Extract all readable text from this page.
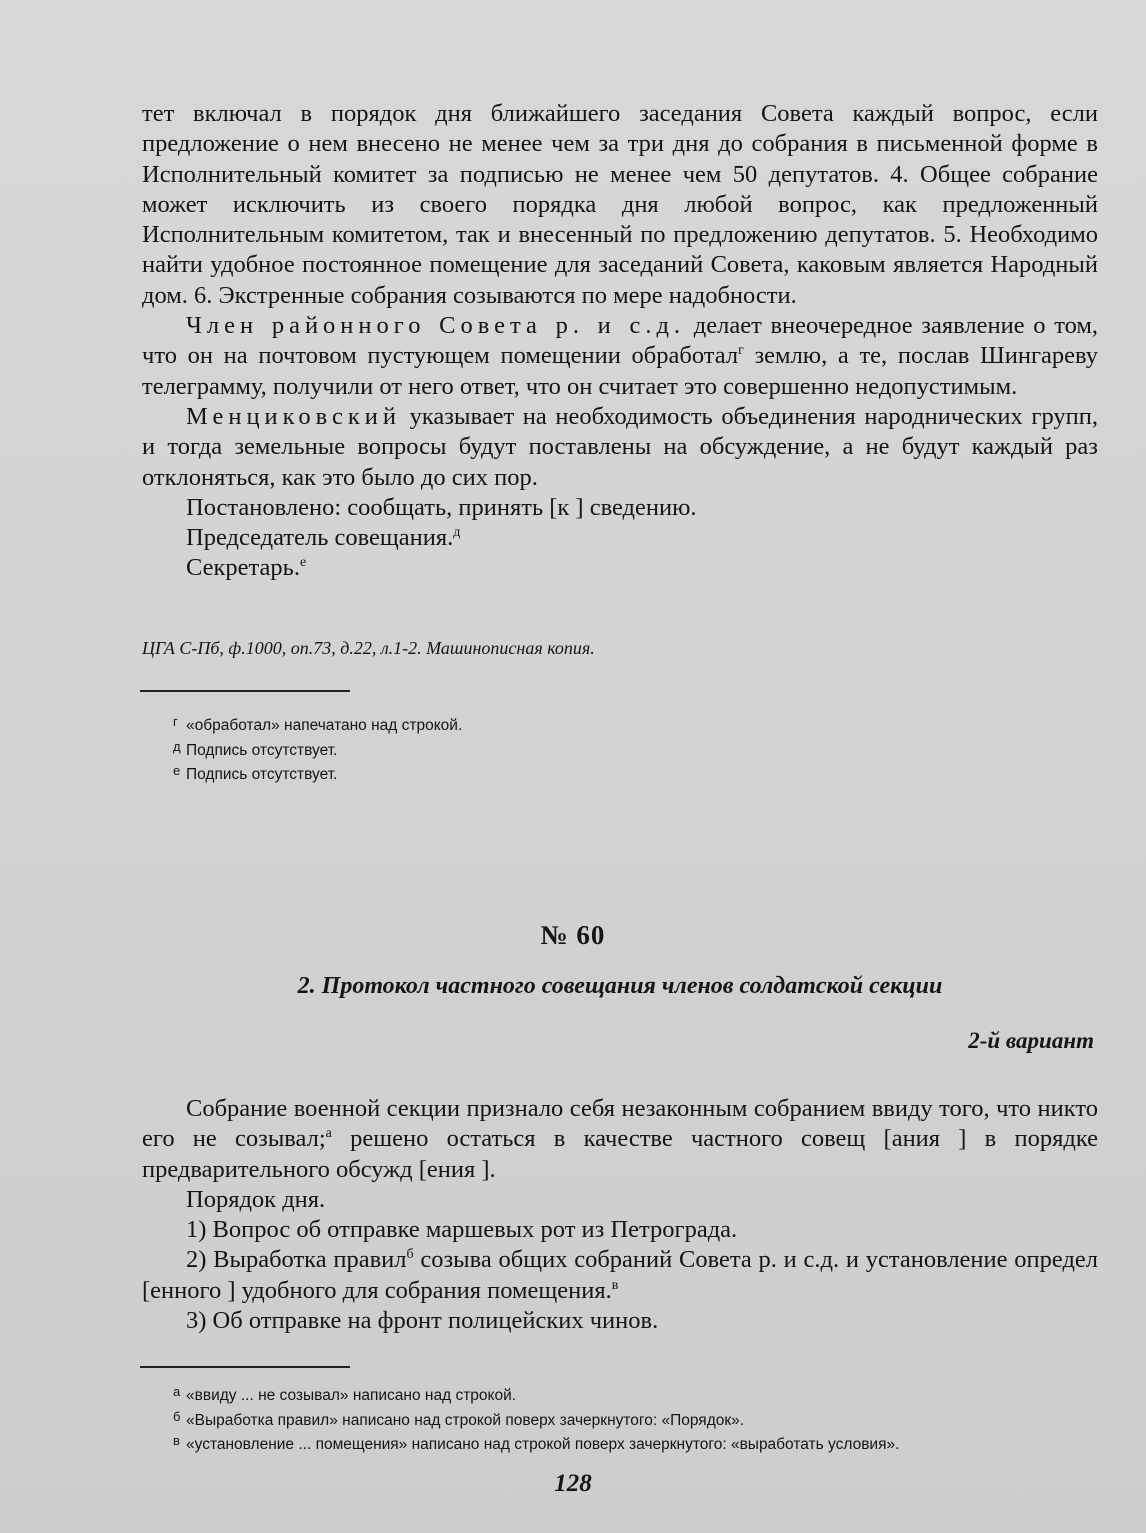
тет включал в порядок дня ближайшего заседания Совета каждый вопрос, если предложение о нем внесено не менее чем за три дня до собрания в письменной форме в Исполнительный комитет за подписью не менее чем 50 депутатов. 4. Общее собрание может исключить из своего порядка дня любой вопрос, как предложенный Исполнительным комитетом, так и внесенный по предложению депутатов. 5. Необходимо найти удобное постоянное помещение для заседаний Совета, каковым является Народный дом. 6. Экстренные собрания созываются по мере надобности.

Член районного Совета р. и с.д. делает внеочередное заявление о том, что он на почтовом пустующем помещении обработал$^г$ землю, а те, послав Шингареву телеграмму, получили от него ответ, что он считает это совершенно недопустимым.

Менциковский указывает на необходимость объединения народнических групп, и тогда земельные вопросы будут поставлены на обсуждение, а не будут каждый раз отклоняться, как это было до сих пор.

Постановлено: сообщать, принять [к ] сведению.

Председатель совещания.$^д$

Секретарь.$^е$

ЦГА С-Пб, ф.1000, оп.73, д.22, л.1-2. Машинописная копия.
г «обработал» напечатано над строкой.
д Подпись отсутствует.
е Подпись отсутствует.
№ 60
2. Протокол частного совещания членов солдатской секции
2-й вариант

Собрание военной секции признало себя незаконным собранием ввиду того, что никто его не созывал;$^а$ решено остаться в качестве частного совещ [ания ] в порядке предварительного обсужд [ения ].

Порядок дня.

1) Вопрос об отправке маршевых рот из Петрограда.

2) Выработка правил$^б$ созыва общих собраний Совета р. и с.д. и установление определ [енного ] удобного для собрания помещения.$^в$

3) Об отправке на фронт полицейских чинов.

а «ввиду ... не созывал» написано над строкой.
б «Выработка правил» написано над строкой поверх зачеркнутого: «Порядок».
в «установление ... помещения» написано над строкой поверх зачеркнутого: «выработать условия».
128
